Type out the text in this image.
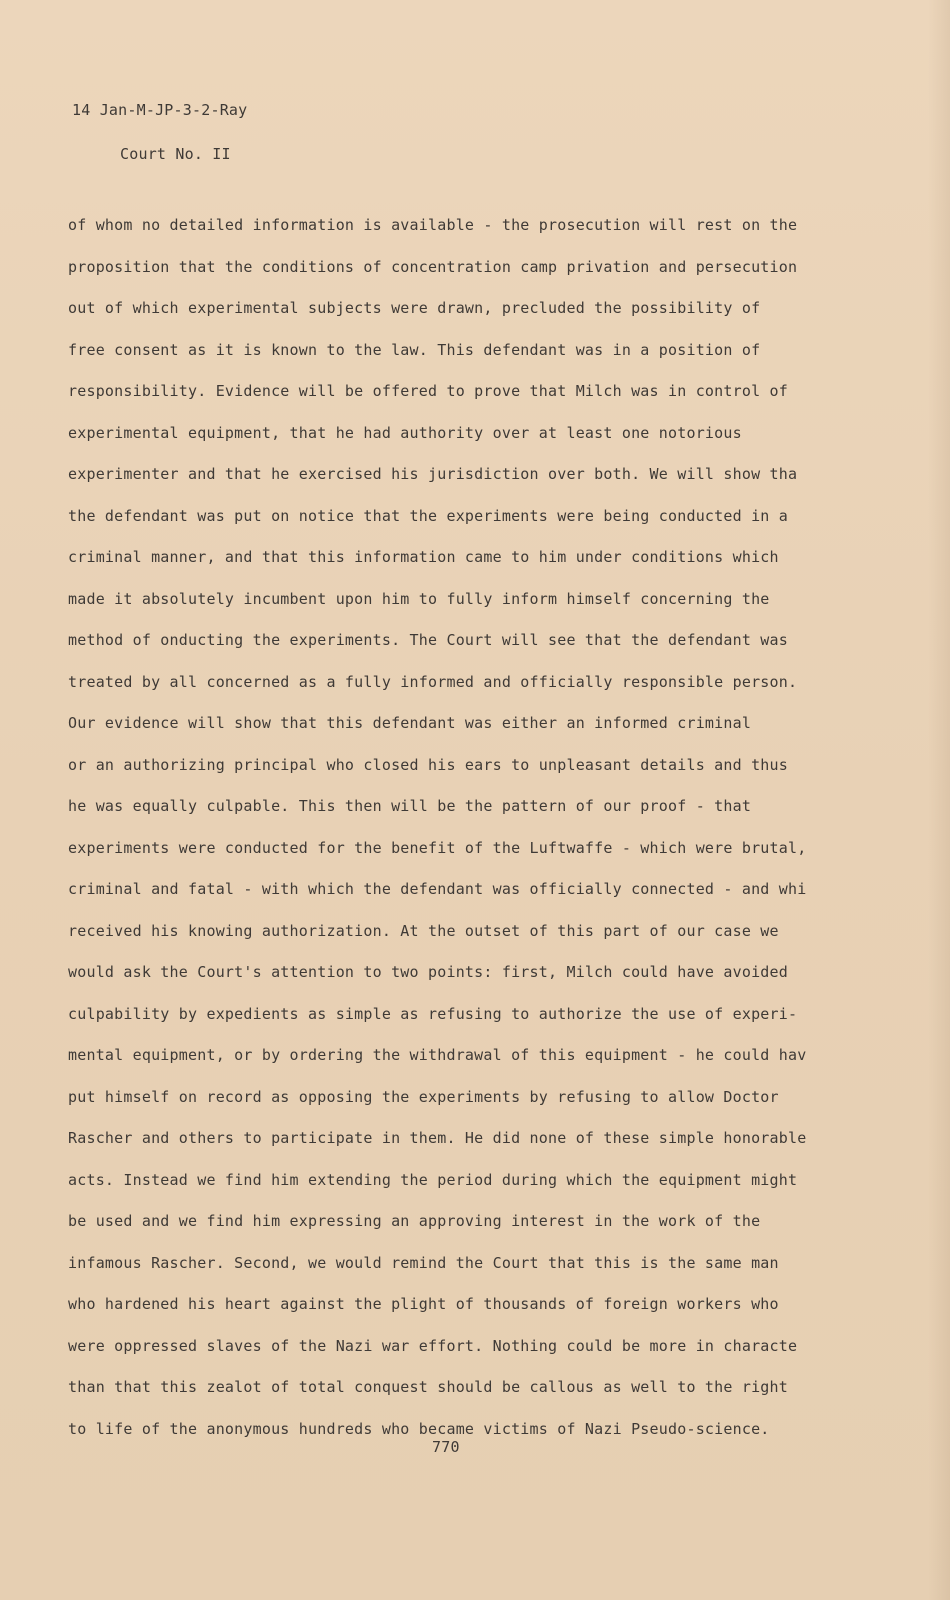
14 Jan-M-JP-3-2-Ray
Court No. II
of whom no detailed information is available - the prosecution will rest on the
proposition that the conditions of concentration camp privation and persecution
out of which experimental subjects were drawn, precluded the possibility of
free consent as it is known to the law. This defendant was in a position of
responsibility. Evidence will be offered to prove that Milch was in control of
experimental equipment, that he had authority over at least one notorious
experimenter and that he exercised his jurisdiction over both. We will show tha
the defendant was put on notice that the experiments were being conducted in a
criminal manner, and that this information came to him under conditions which
made it absolutely incumbent upon him to fully inform himself concerning the
method of onducting the experiments. The Court will see that the defendant was
treated by all concerned as a fully informed and officially responsible person.
Our evidence will show that this defendant was either an informed criminal
or an authorizing principal who closed his ears to unpleasant details and thus
he was equally culpable. This then will be the pattern of our proof - that
experiments were conducted for the benefit of the Luftwaffe - which were brutal,
criminal and fatal - with which the defendant was officially connected - and whi
received his knowing authorization. At the outset of this part of our case we
would ask the Court's attention to two points: first, Milch could have avoided
culpability by expedients as simple as refusing to authorize the use of experi-
mental equipment, or by ordering the withdrawal of this equipment - he could hav
put himself on record as opposing the experiments by refusing to allow Doctor
Rascher and others to participate in them. He did none of these simple honorable
acts. Instead we find him extending the period during which the equipment might
be used and we find him expressing an approving interest in the work of the
infamous Rascher. Second, we would remind the Court that this is the same man
who hardened his heart against the plight of thousands of foreign workers who
were oppressed slaves of the Nazi war effort. Nothing could be more in characte
than that this zealot of total conquest should be callous as well to the right
to life of the anonymous hundreds who became victims of Nazi Pseudo-science.
770
